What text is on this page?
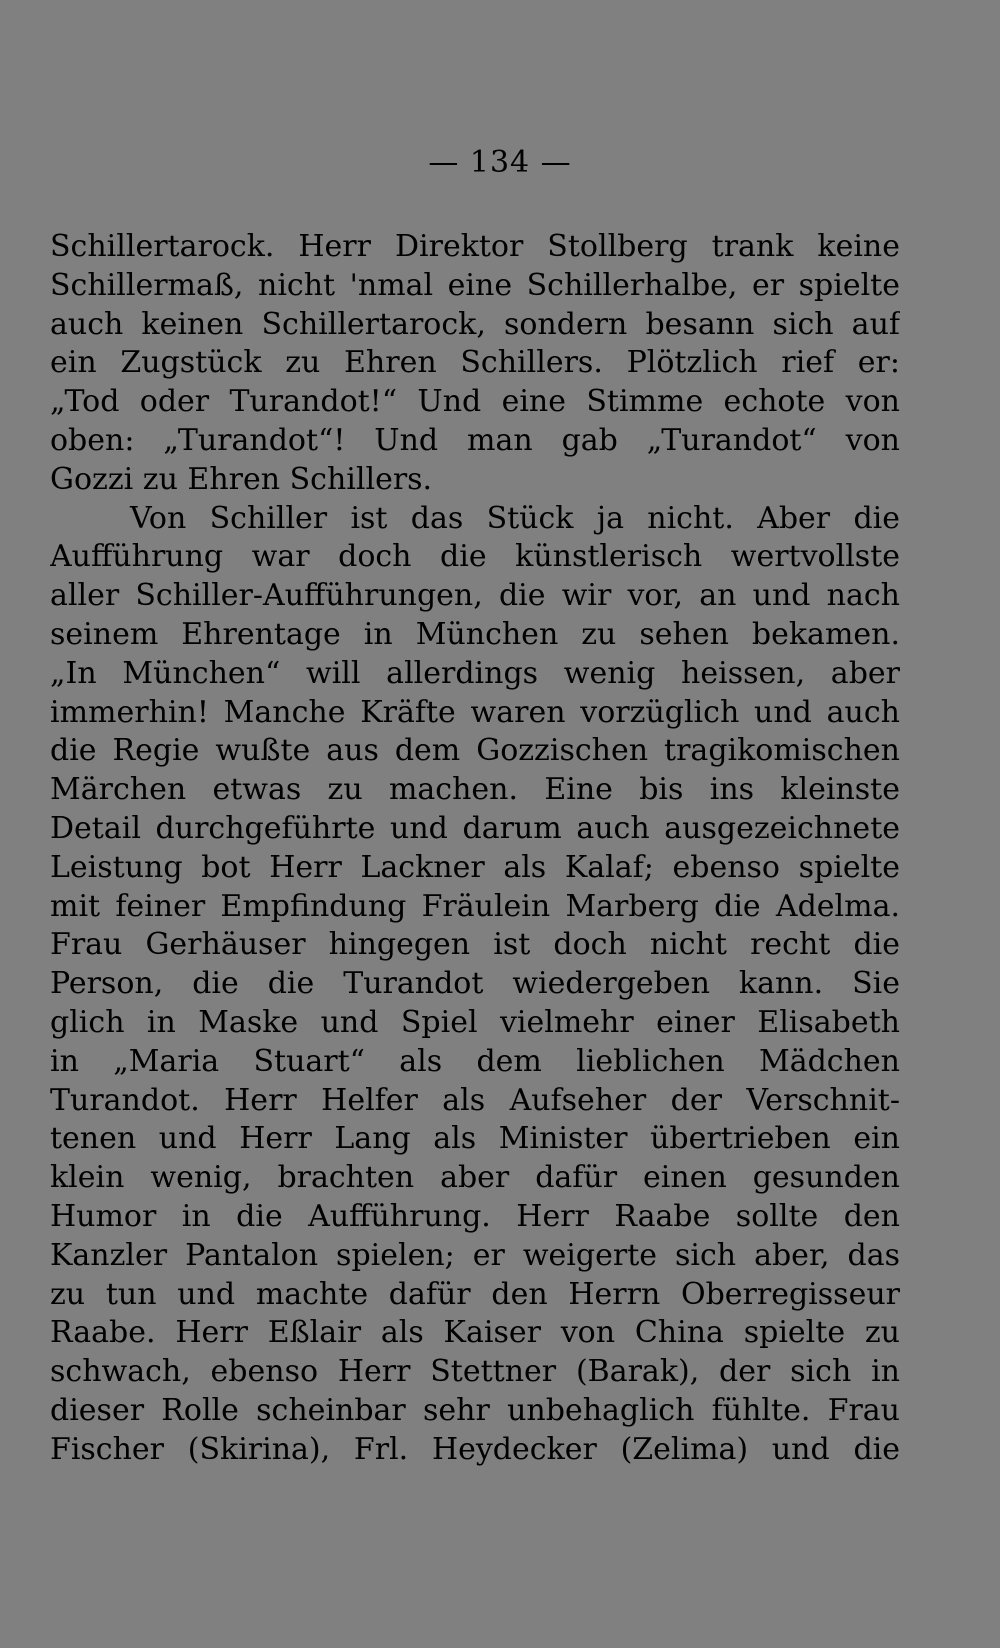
— 134 —
Schillertarock. Herr Direktor Stollberg trank keine
Schillermaß, nicht 'nmal eine Schillerhalbe, er spielte
auch keinen Schillertarock, sondern besann sich auf
ein Zugstück zu Ehren Schillers. Plötzlich rief er:
„Tod oder Turandot!“ Und eine Stimme echote von
oben: „Turandot“! Und man gab „Turandot“ von
Gozzi zu Ehren Schillers.
Von Schiller ist das Stück ja nicht. Aber die
Aufführung war doch die künstlerisch wertvollste
aller Schiller-Aufführungen, die wir vor, an und nach
seinem Ehrentage in München zu sehen bekamen.
„In München“ will allerdings wenig heissen, aber
immerhin! Manche Kräfte waren vorzüglich und auch
die Regie wußte aus dem Gozzischen tragikomischen
Märchen etwas zu machen. Eine bis ins kleinste
Detail durchgeführte und darum auch ausgezeichnete
Leistung bot Herr Lackner als Kalaf; ebenso spielte
mit feiner Empfindung Fräulein Marberg die Adelma.
Frau Gerhäuser hingegen ist doch nicht recht die
Person, die die Turandot wiedergeben kann. Sie
glich in Maske und Spiel vielmehr einer Elisabeth
in „Maria Stuart“ als dem lieblichen Mädchen
Turandot. Herr Helfer als Aufseher der Verschnit-
tenen und Herr Lang als Minister übertrieben ein
klein wenig, brachten aber dafür einen gesunden
Humor in die Aufführung. Herr Raabe sollte den
Kanzler Pantalon spielen; er weigerte sich aber, das
zu tun und machte dafür den Herrn Oberregisseur
Raabe. Herr Eßlair als Kaiser von China spielte zu
schwach, ebenso Herr Stettner (Barak), der sich in
dieser Rolle scheinbar sehr unbehaglich fühlte. Frau
Fischer (Skirina), Frl. Heydecker (Zelima) und die
